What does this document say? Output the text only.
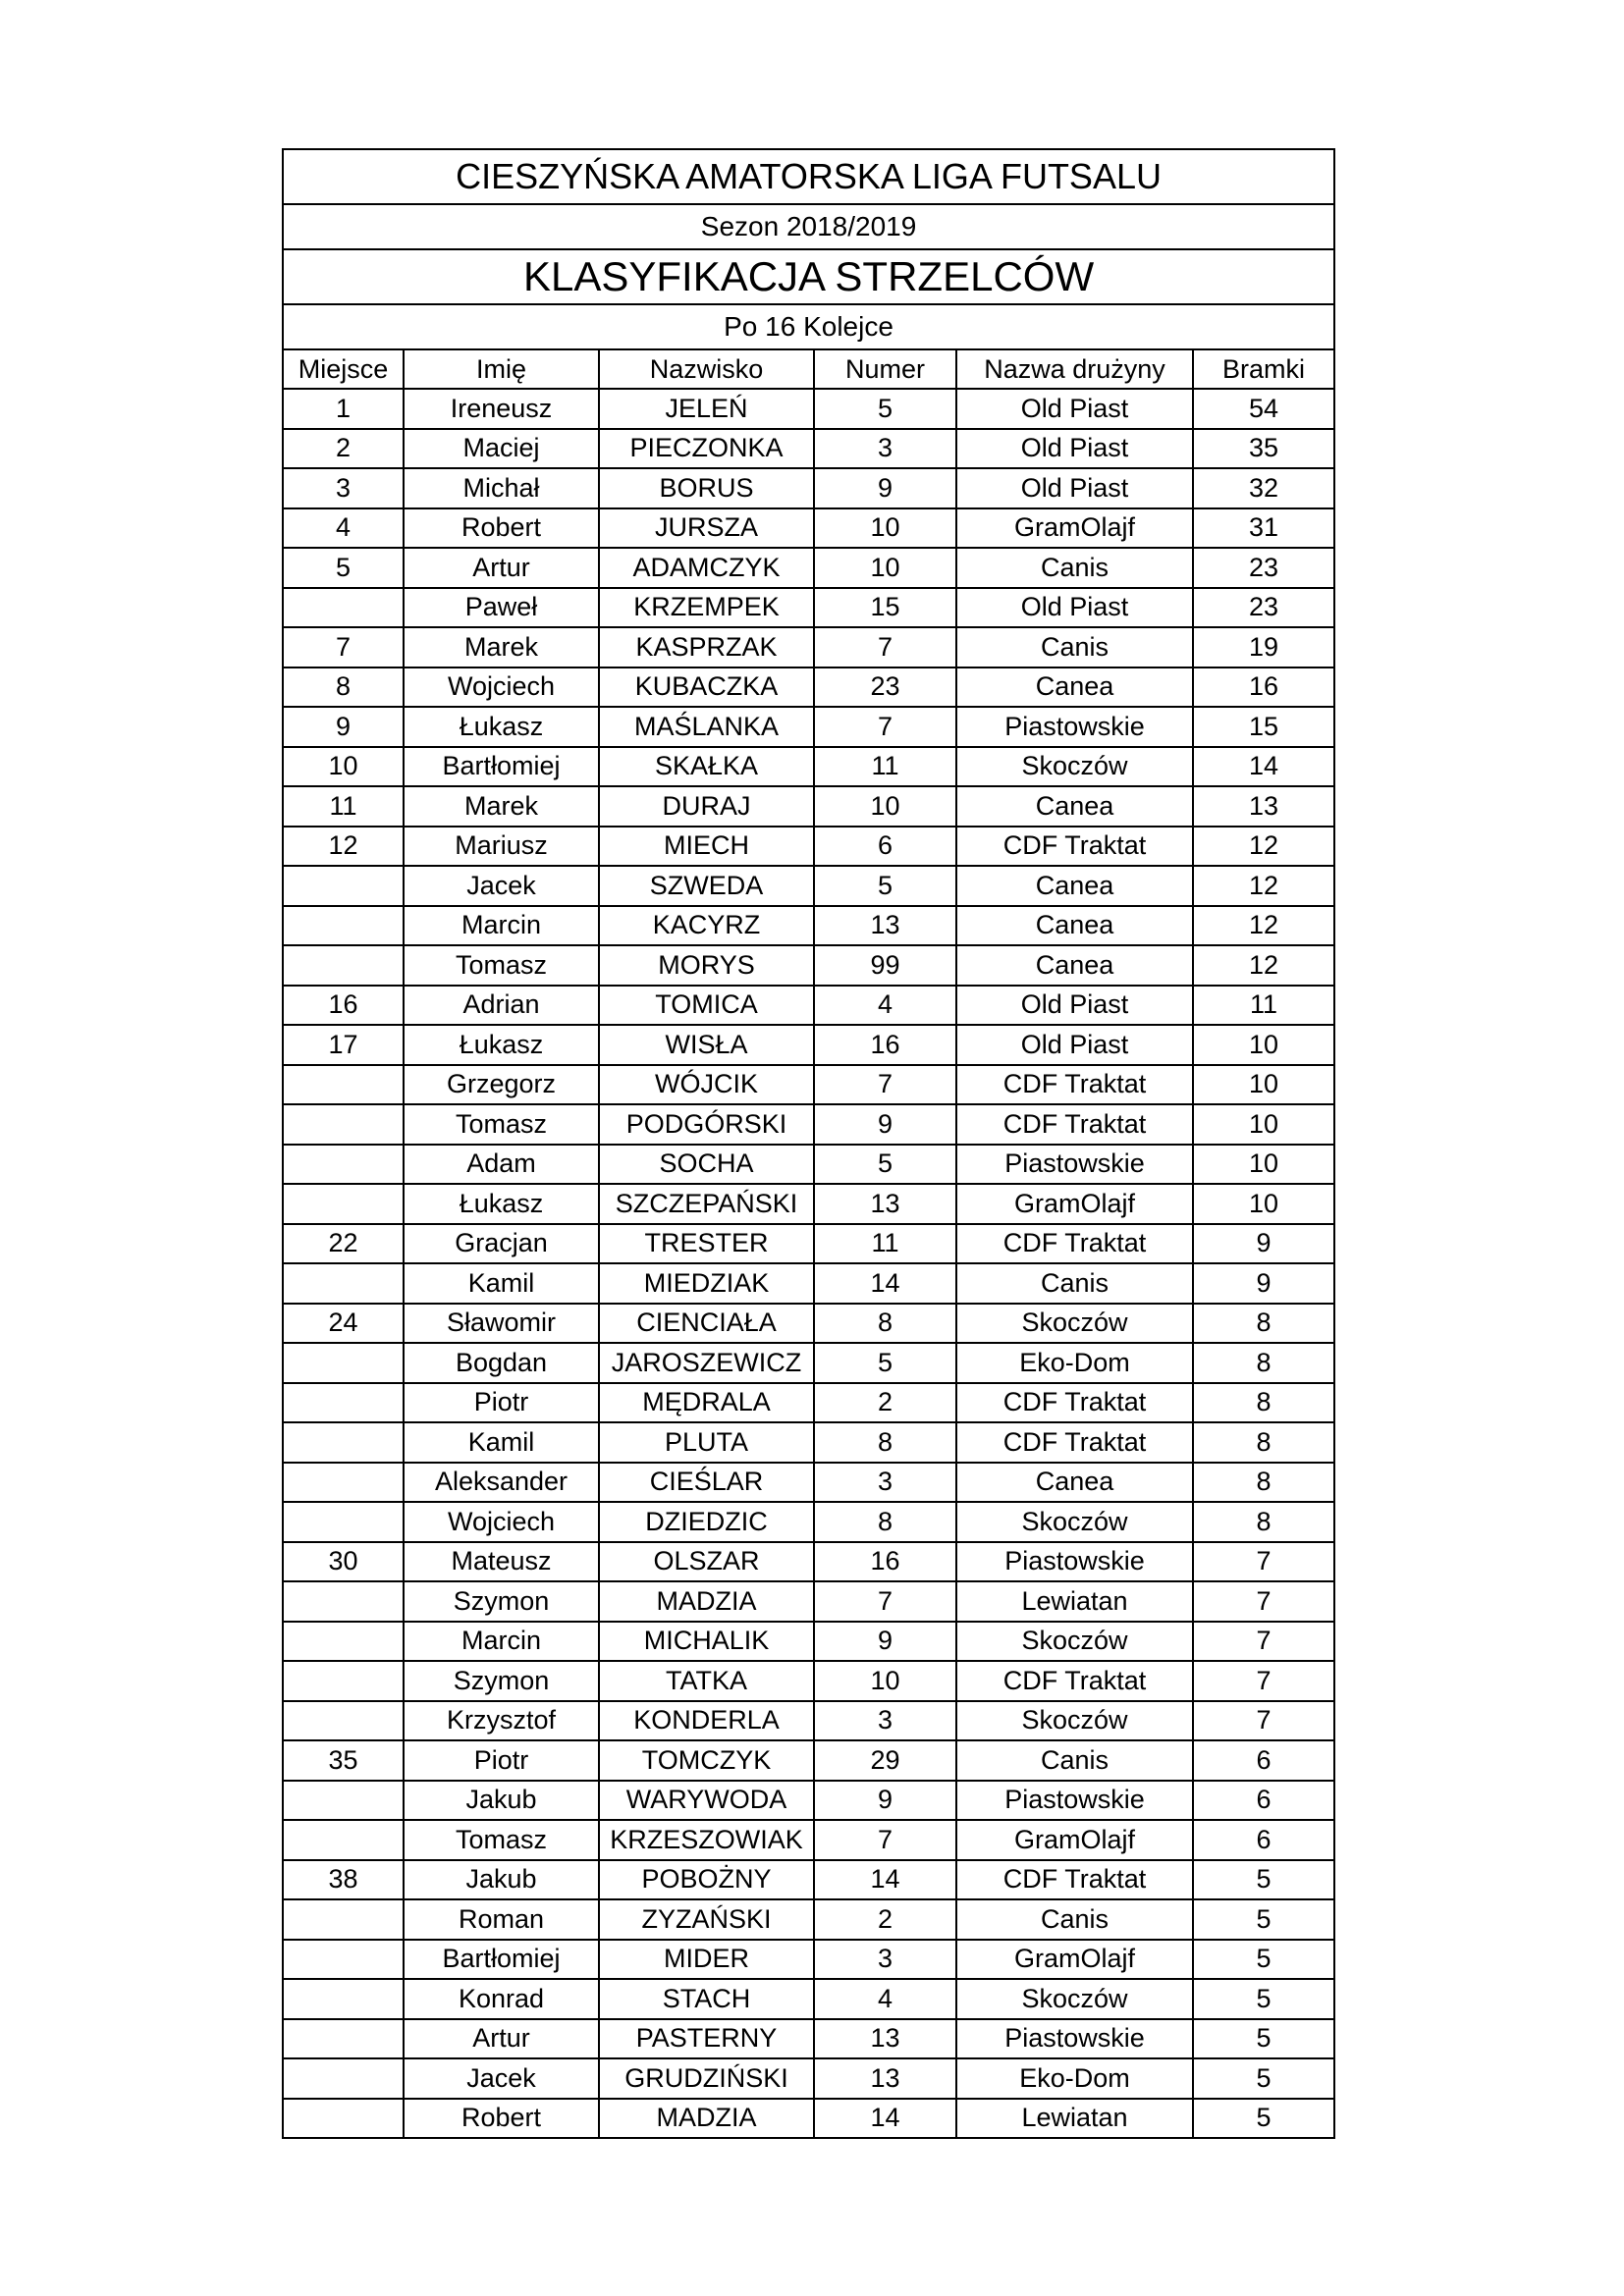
CIESZYŃSKA AMATORSKA LIGA FUTSALU					
Sezon 2018/2019					
KLASYFIKACJA STRZELCÓW					
Po 16 Kolejce					
Miejsce	Imię	Nazwisko	Numer	Nazwa drużyny	Bramki
1	Ireneusz	JELEŃ	5	Old Piast	54
2	Maciej	PIECZONKA	3	Old Piast	35
3	Michał	BORUS	9	Old Piast	32
4	Robert	JURSZA	10	GramOlajf	31
5	Artur	ADAMCZYK	10	Canis	23
	Paweł	KRZEMPEK	15	Old Piast	23
7	Marek	KASPRZAK	7	Canis	19
8	Wojciech	KUBACZKA	23	Canea	16
9	Łukasz	MAŚLANKA	7	Piastowskie	15
10	Bartłomiej	SKAŁKA	11	Skoczów	14
11	Marek	DURAJ	10	Canea	13
12	Mariusz	MIECH	6	CDF Traktat	12
	Jacek	SZWEDA	5	Canea	12
	Marcin	KACYRZ	13	Canea	12
	Tomasz	MORYS	99	Canea	12
16	Adrian	TOMICA	4	Old Piast	11
17	Łukasz	WISŁA	16	Old Piast	10
	Grzegorz	WÓJCIK	7	CDF Traktat	10
	Tomasz	PODGÓRSKI	9	CDF Traktat	10
	Adam	SOCHA	5	Piastowskie	10
	Łukasz	SZCZEPAŃSKI	13	GramOlajf	10
22	Gracjan	TRESTER	11	CDF Traktat	9
	Kamil	MIEDZIAK	14	Canis	9
24	Sławomir	CIENCIAŁA	8	Skoczów	8
	Bogdan	JAROSZEWICZ	5	Eko-Dom	8
	Piotr	MĘDRALA	2	CDF Traktat	8
	Kamil	PLUTA	8	CDF Traktat	8
	Aleksander	CIEŚLAR	3	Canea	8
	Wojciech	DZIEDZIC	8	Skoczów	8
30	Mateusz	OLSZAR	16	Piastowskie	7
	Szymon	MADZIA	7	Lewiatan	7
	Marcin	MICHALIK	9	Skoczów	7
	Szymon	TATKA	10	CDF Traktat	7
	Krzysztof	KONDERLA	3	Skoczów	7
35	Piotr	TOMCZYK	29	Canis	6
	Jakub	WARYWODA	9	Piastowskie	6
	Tomasz	KRZESZOWIAK	7	GramOlajf	6
38	Jakub	POBOŻNY	14	CDF Traktat	5
	Roman	ZYZAŃSKI	2	Canis	5
	Bartłomiej	MIDER	3	GramOlajf	5
	Konrad	STACH	4	Skoczów	5
	Artur	PASTERNY	13	Piastowskie	5
	Jacek	GRUDZIŃSKI	13	Eko-Dom	5
	Robert	MADZIA	14	Lewiatan	5
